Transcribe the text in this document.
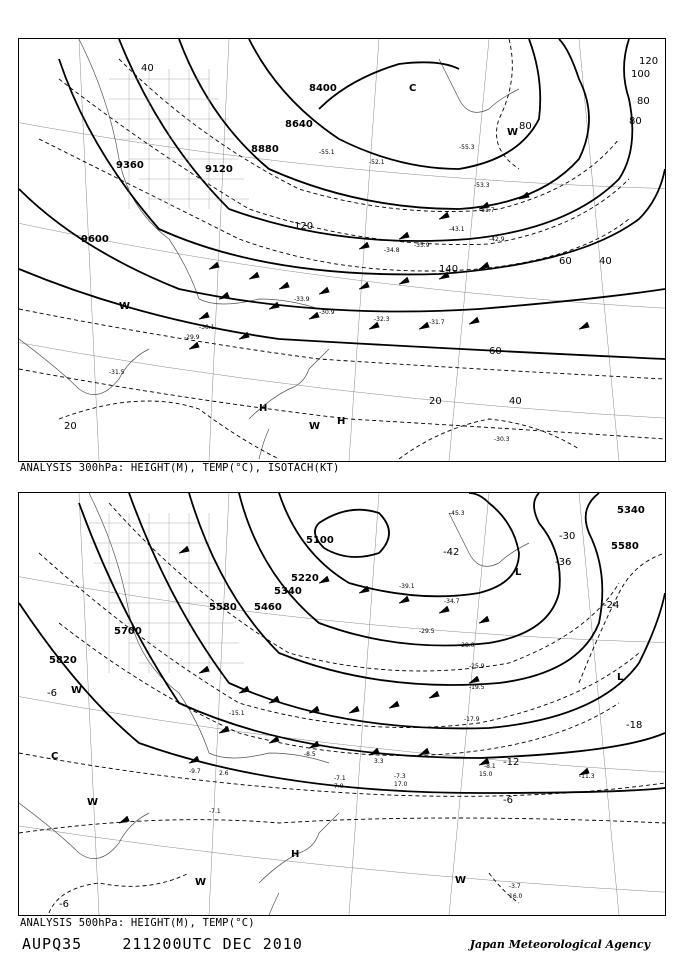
8400
8640
8880
9120
9360
9600
40
80
120
140
80
60
40
20
20
40
60
80
100
120
-55.1
-55.3
-53.3
-52.1
-51.7
-43.1
-42.9
-35.9
-34.8
-32.3	-31.7
-30.9
-30.1
-31.5
-30.3
-29.9
-33.9
C
W
W
H
H
W
ANALYSIS 300hPa: HEIGHT(M), TEMP(°C), ISOTACH(KT)
5100
5220
5340
5460
5580
5700
5820
5340
5580
-36
-30
-24
-18
-12
-6
-6
-6
-42
-45.3
-39.1
-34.7
-29.5
-28.0
-25.9
-19.5
-17.9
-11.3
-8.1
-7.3
-7.1
-8.5
-3.7
16.0
15.0
17.0
7.0
3.3
2.6
-7.1
-9.7
-15.1
L
L
C
W
W
W
H
W
ANALYSIS 500hPa: HEIGHT(M), TEMP(°C)
AUPQ35	211200UTC DEC 2010	Japan Meteorological Agency
